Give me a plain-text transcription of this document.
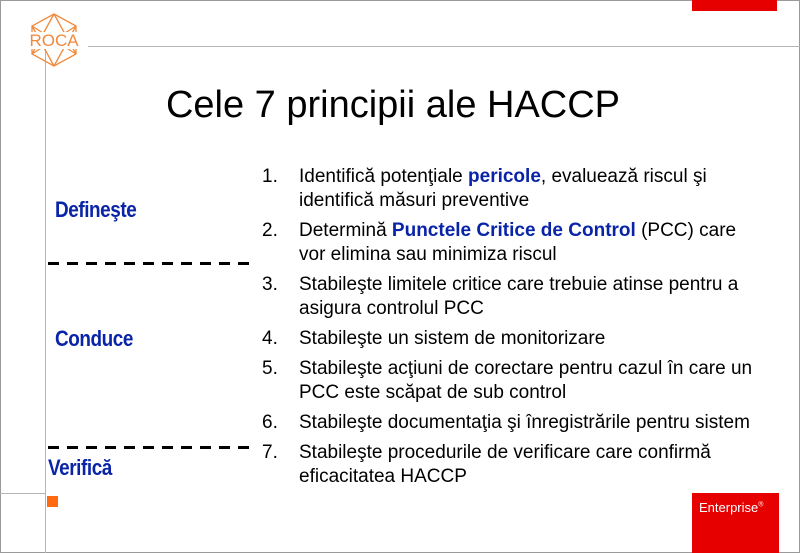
ROCA
Cele 7 principii ale HACCP
Defineşte
Conduce
Verifică
1. Identifică potenţiale pericole, evaluează riscul şi identifică măsuri preventive
2. Determină Punctele Critice de Control (PCC) care vor elimina sau minimiza riscul
3. Stabileşte limitele critice care trebuie atinse pentru a asigura controlul PCC
4. Stabileşte un sistem de monitorizare
5. Stabileşte acţiuni de corectare pentru cazul în care un PCC este scăpat de sub control
6. Stabileşte documentaţia şi înregistrările pentru sistem
7. Stabileşte procedurile de verificare care confirmă eficacitatea HACCP
Enterprise®
